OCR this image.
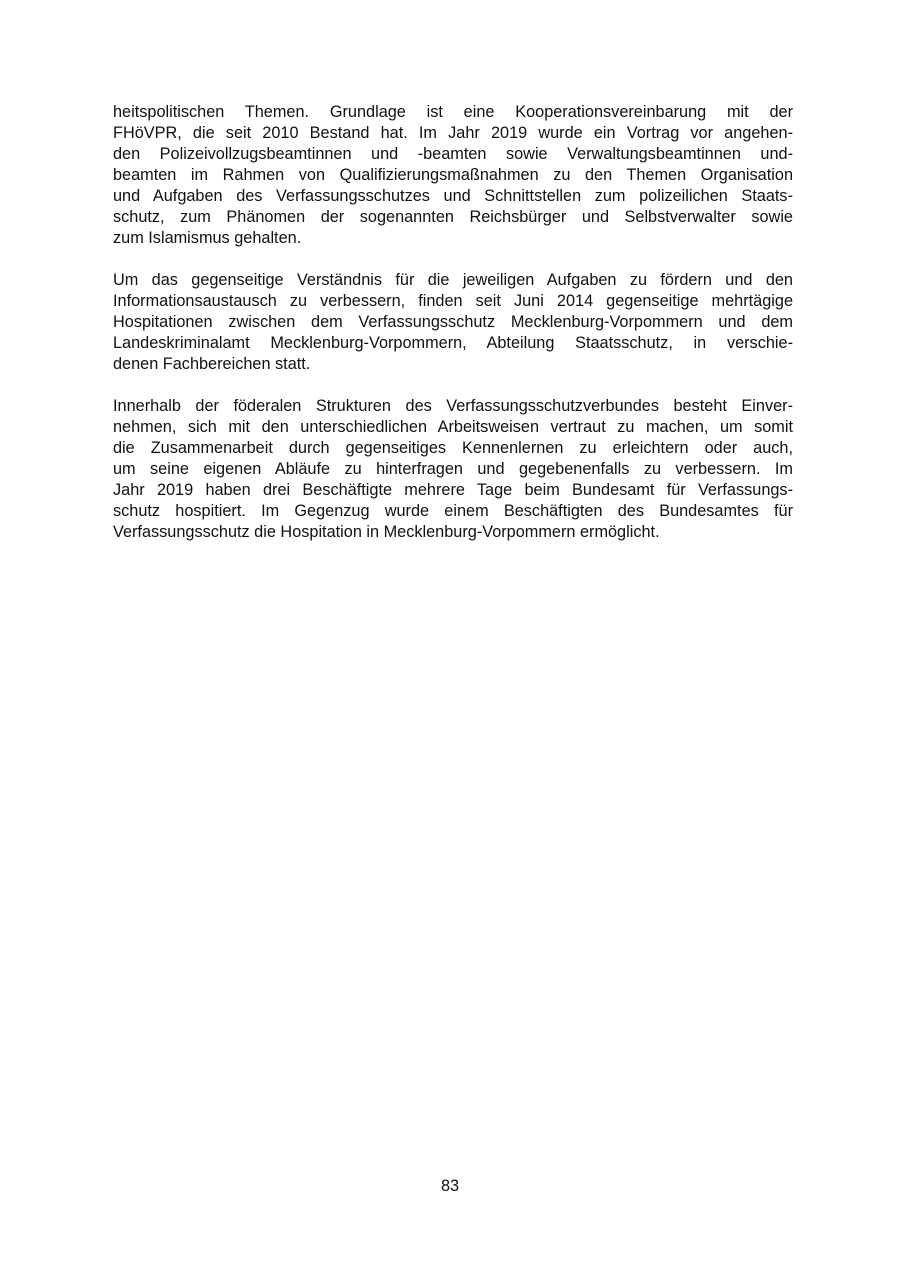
heitspolitischen Themen. Grundlage ist eine Kooperationsvereinbarung mit der
FHöVPR, die seit 2010 Bestand hat. Im Jahr 2019 wurde ein Vortrag vor angehen-
den Polizeivollzugsbeamtinnen und -beamten sowie Verwaltungsbeamtinnen und-
beamten im Rahmen von Qualifizierungsmaßnahmen zu den Themen Organisation
und Aufgaben des Verfassungsschutzes und Schnittstellen zum polizeilichen Staats-
schutz, zum Phänomen der sogenannten Reichsbürger und Selbstverwalter sowie
zum Islamismus gehalten.

Um das gegenseitige Verständnis für die jeweiligen Aufgaben zu fördern und den
Informationsaustausch zu verbessern, finden seit Juni 2014 gegenseitige mehrtägige
Hospitationen zwischen dem Verfassungsschutz Mecklenburg-Vorpommern und dem
Landeskriminalamt Mecklenburg-Vorpommern, Abteilung Staatsschutz, in verschie-
denen Fachbereichen statt.

Innerhalb der föderalen Strukturen des Verfassungsschutzverbundes besteht Einver-
nehmen, sich mit den unterschiedlichen Arbeitsweisen vertraut zu machen, um somit
die Zusammenarbeit durch gegenseitiges Kennenlernen zu erleichtern oder auch,
um seine eigenen Abläufe zu hinterfragen und gegebenenfalls zu verbessern. Im
Jahr 2019 haben drei Beschäftigte mehrere Tage beim Bundesamt für Verfassungs-
schutz hospitiert. Im Gegenzug wurde einem Beschäftigten des Bundesamtes für
Verfassungsschutz die Hospitation in Mecklenburg-Vorpommern ermöglicht.

83
